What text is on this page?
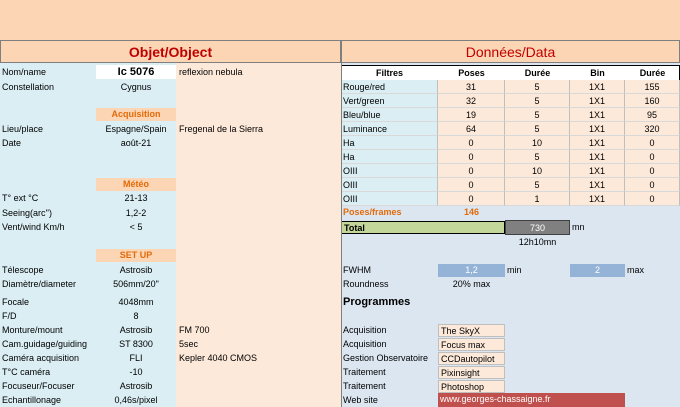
Objet/Object	Données/Data
Nom/name	Ic 5076	reflexion nebula
Constellation	Cygnus
Acquisition
Lieu/place	Espagne/Spain	Fregenal de la Sierra
Date	août-21
Météo
T° ext °C	21-13
Seeing(arc'')	1,2-2
Vent/wind Km/h	< 5
SET UP
Télescope	Astrosib
Diamètre/diameter	506mm/20"
Focale	4048mm
F/D	8
Monture/mount	Astrosib	FM 700
Cam.guidage/guiding	ST 8300	5sec
Caméra acquisition	FLI	Kepler 4040 CMOS
T°C caméra	-10
Focuseur/Focuser	Astrosib
Echantillonage	0,46s/pixel
Filtres	Poses	Durée	Bin	Durée
Rouge/red	31	5	1X1	155
Vert/green	32	5	1X1	160
Bleu/blue	19	5	1X1	95
Luminance	64	5	1X1	320
Ha	0	10	1X1	0
Ha	0	5	1X1	0
OIII	0	10	1X1	0
OIII	0	5	1X1	0
OIII	0	1	1X1	0
Poses/frames	146
Total	730	mn
12h10mn
FWHM	1,2	min	2	max
Roundness	20% max
Programmes
Acquisition	The SkyX
Acquisition	Focus max
Gestion Observatoire	CCDautopilot
Traitement	Pixinsight
Traitement	Photoshop
Web site	www.georges-chassaigne.fr
